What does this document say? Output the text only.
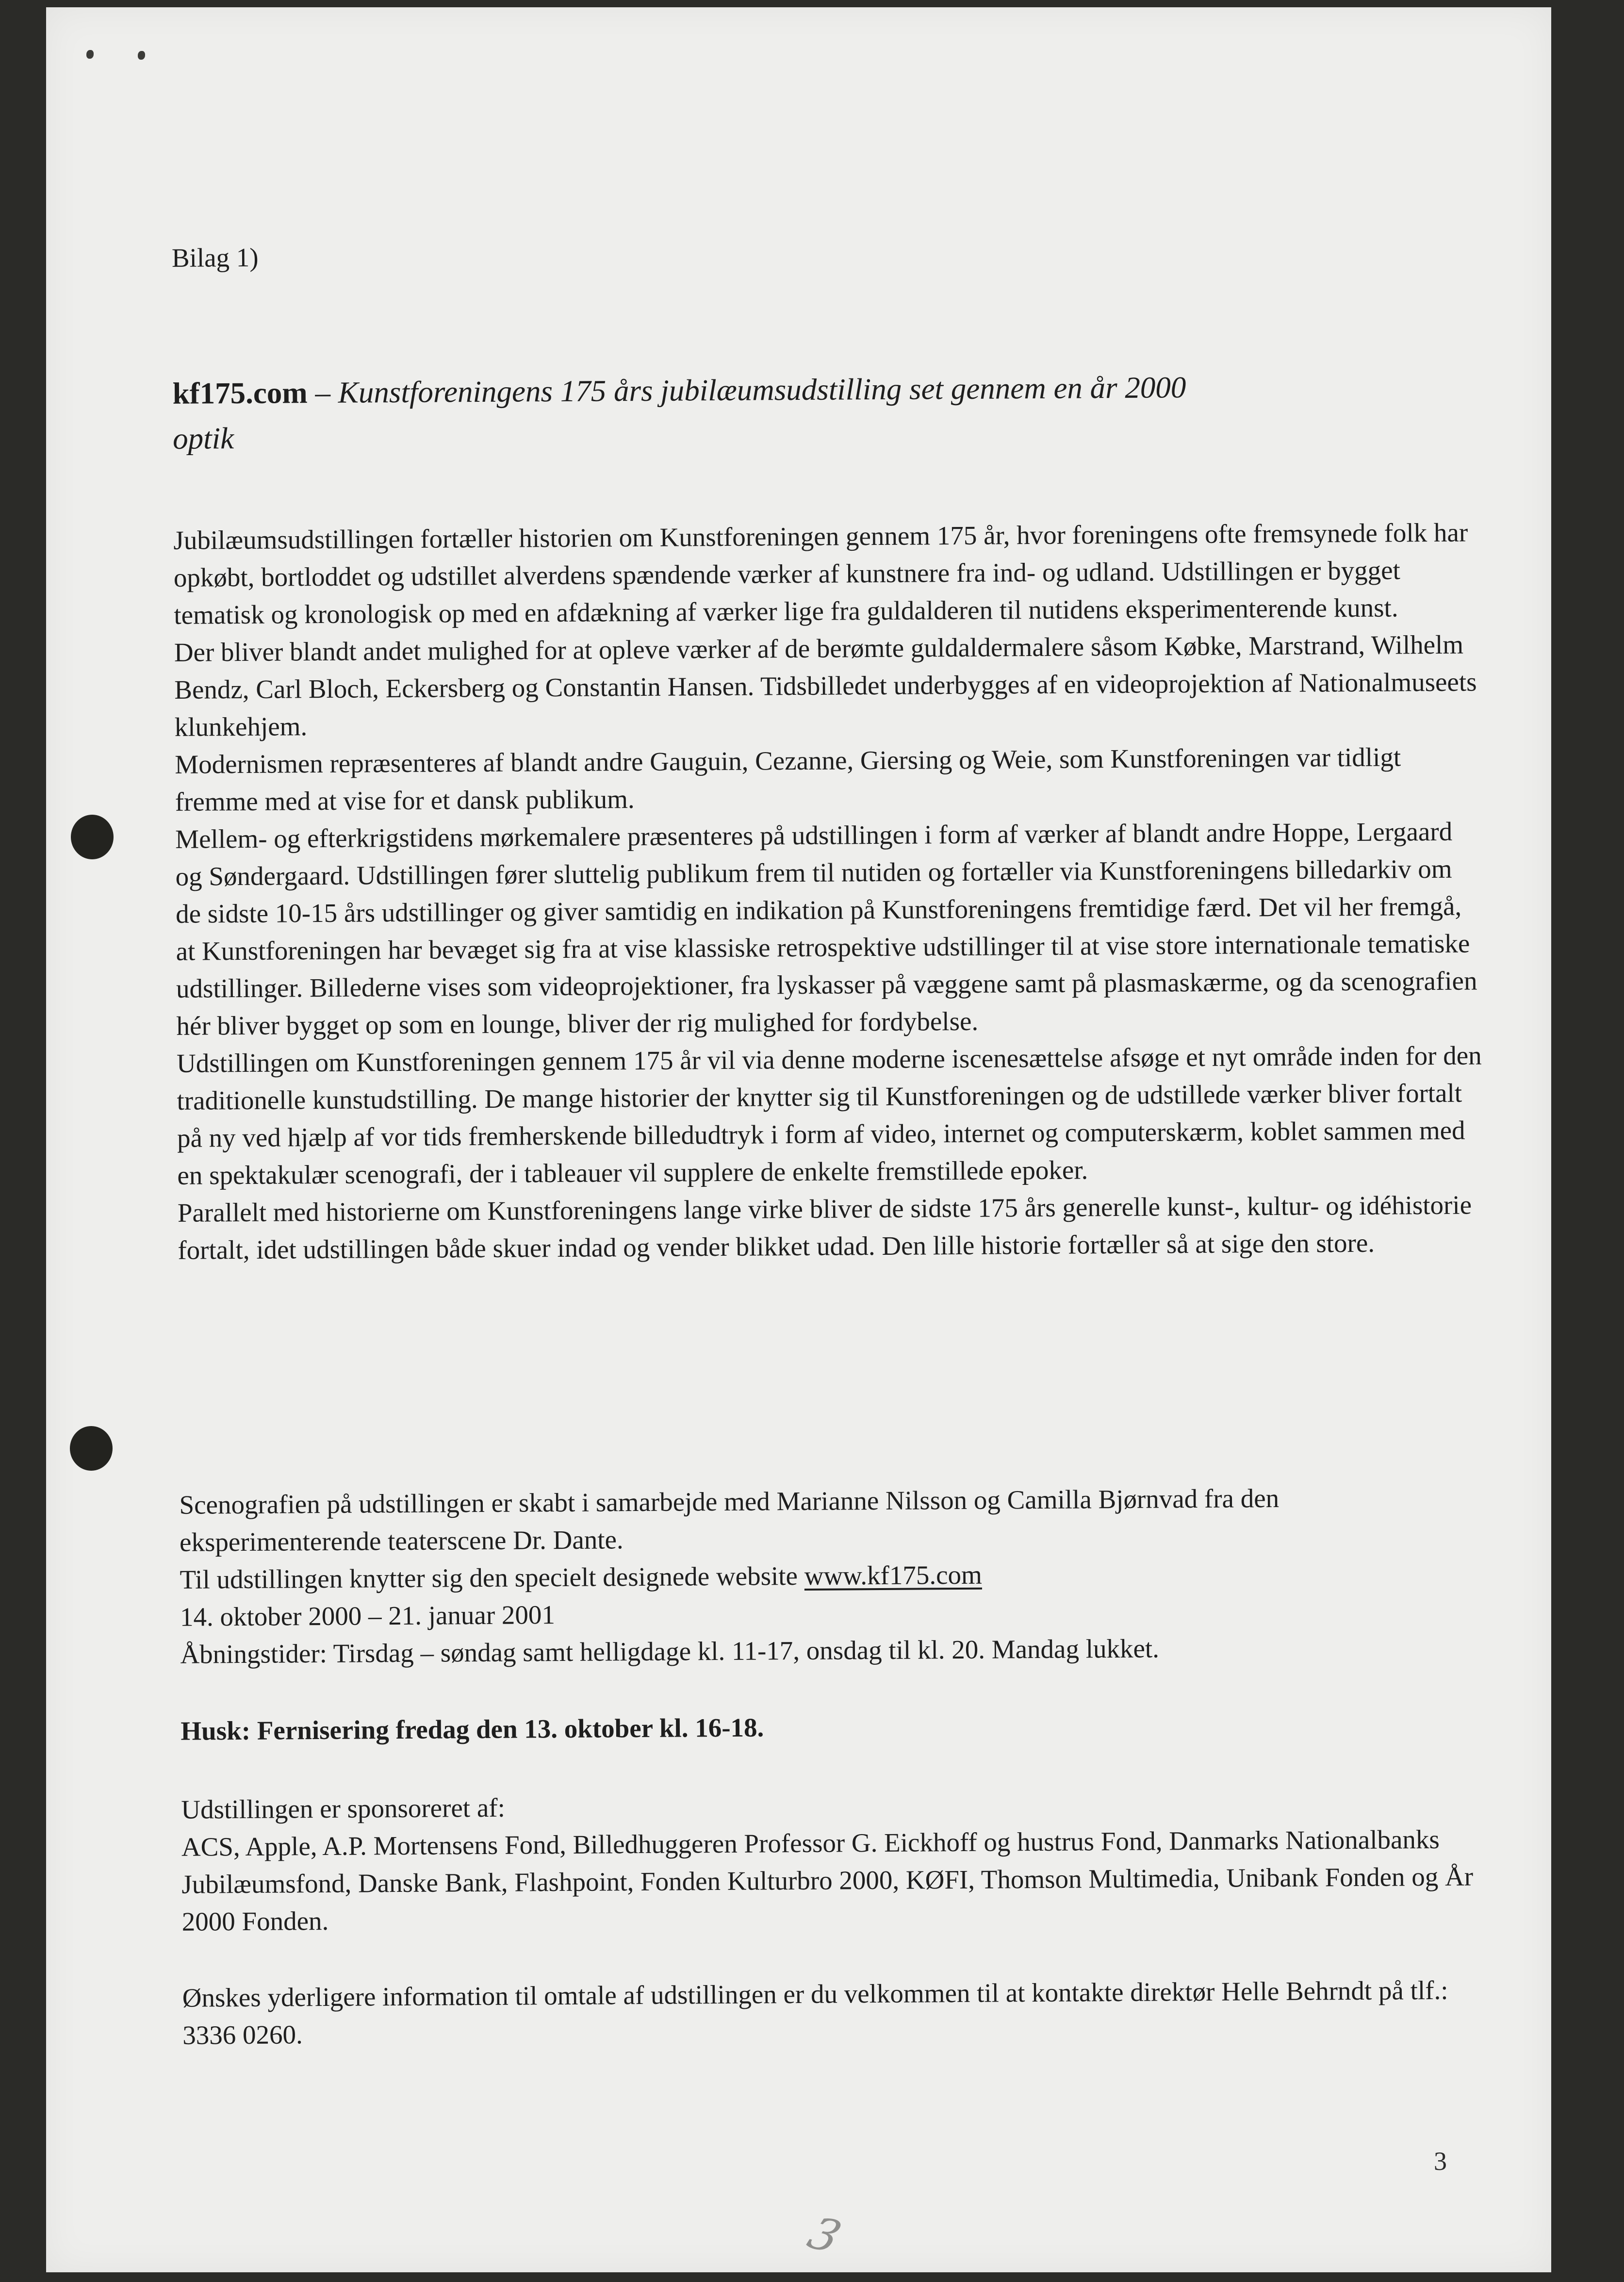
Bilag 1)

kf175.com – Kunstforeningens 175 års jubilæumsudstilling set gennem en år 2000
optik

Jubilæumsudstillingen fortæller historien om Kunstforeningen gennem 175 år, hvor foreningens ofte fremsynede folk har opkøbt, bortloddet og udstillet alverdens spændende værker af kunstnere fra ind- og udland. Udstillingen er bygget tematisk og kronologisk op med en afdækning af værker lige fra guldalderen til nutidens eksperimenterende kunst.

Der bliver blandt andet mulighed for at opleve værker af de berømte guldaldermalere såsom Købke, Marstrand, Wilhelm Bendz, Carl Bloch, Eckersberg og Constantin Hansen. Tidsbilledet underbygges af en videoprojektion af Nationalmuseets klunkehjem.

Modernismen repræsenteres af blandt andre Gauguin, Cezanne, Giersing og Weie, som Kunstforeningen var tidligt fremme med at vise for et dansk publikum.

Mellem- og efterkrigstidens mørkemalere præsenteres på udstillingen i form af værker af blandt andre Hoppe, Lergaard og Søndergaard. Udstillingen fører sluttelig publikum frem til nutiden og fortæller via Kunstforeningens billedarkiv om de sidste 10-15 års udstillinger og giver samtidig en indikation på Kunstforeningens fremtidige færd. Det vil her fremgå, at Kunstforeningen har bevæget sig fra at vise klassiske retrospektive udstillinger til at vise store internationale tematiske udstillinger. Billederne vises som videoprojektioner, fra lyskasser på væggene samt på plasmaskærme, og da scenografien hér bliver bygget op som en lounge, bliver der rig mulighed for fordybelse.

Udstillingen om Kunstforeningen gennem 175 år vil via denne moderne iscenesættelse afsøge et nyt område inden for den traditionelle kunstudstilling. De mange historier der knytter sig til Kunstforeningen og de udstillede værker bliver fortalt på ny ved hjælp af vor tids fremherskende billedudtryk i form af video, internet og computerskærm, koblet sammen med en spektakulær scenografi, der i tableauer vil supplere de enkelte fremstillede epoker.

Parallelt med historierne om Kunstforeningens lange virke bliver de sidste 175 års generelle kunst-, kultur- og idéhistorie fortalt, idet udstillingen både skuer indad og vender blikket udad. Den lille historie fortæller så at sige den store.

Scenografien på udstillingen er skabt i samarbejde med Marianne Nilsson og Camilla Bjørnvad fra den eksperimenterende teaterscene Dr. Dante.

Til udstillingen knytter sig den specielt designede website www.kf175.com

14. oktober 2000 – 21. januar 2001

Åbningstider: Tirsdag – søndag samt helligdage kl. 11-17, onsdag til kl. 20. Mandag lukket.

Husk: Fernisering fredag den 13. oktober kl. 16-18.

Udstillingen er sponsoreret af:

ACS, Apple, A.P. Mortensens Fond, Billedhuggeren Professor G. Eickhoff og hustrus Fond, Danmarks Nationalbanks Jubilæumsfond, Danske Bank, Flashpoint, Fonden Kulturbro 2000, KØFI, Thomson Multimedia, Unibank Fonden og År 2000 Fonden.

Ønskes yderligere information til omtale af udstillingen er du velkommen til at kontakte direktør Helle Behrndt på tlf.: 3336 0260.

3
3
